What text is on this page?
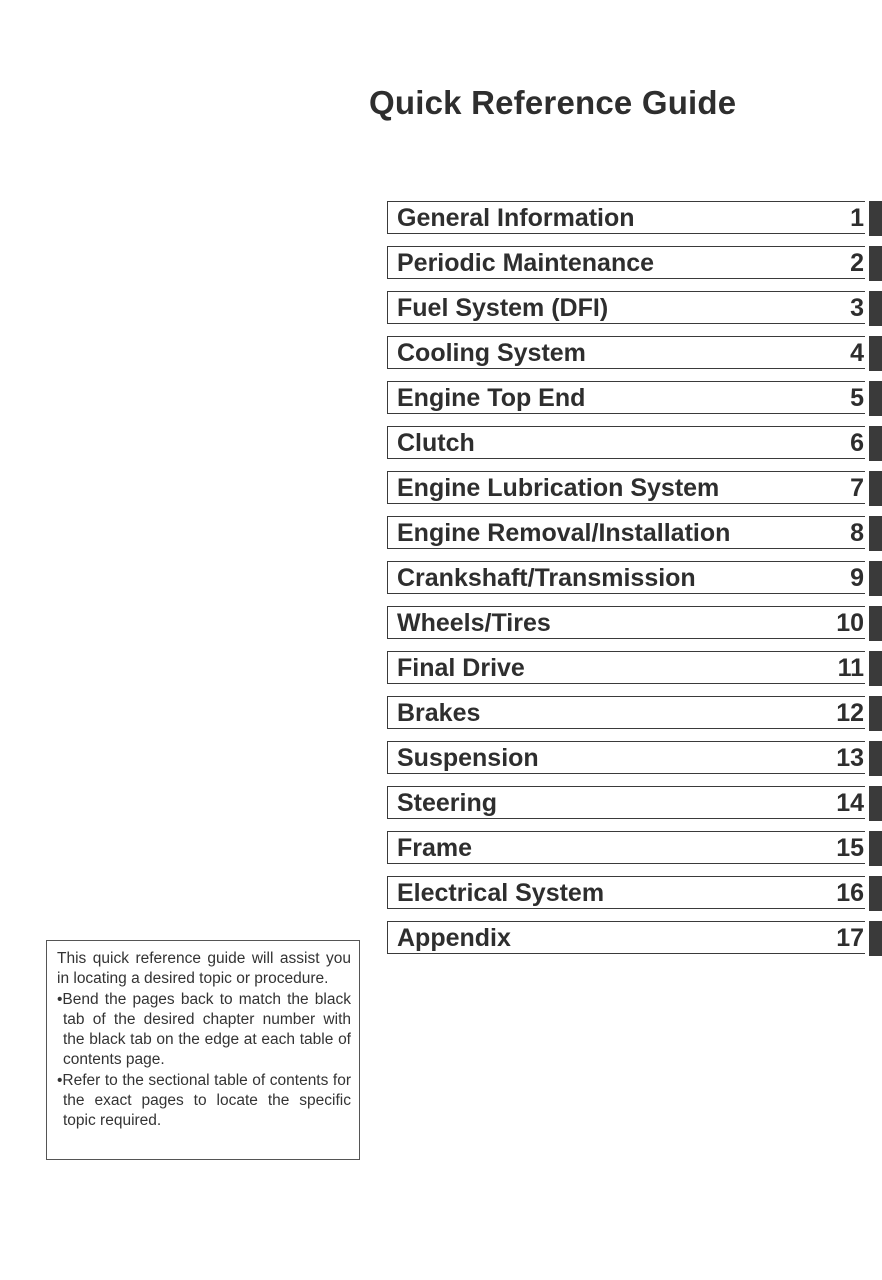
Quick Reference Guide
General Information	1
Periodic Maintenance	2
Fuel System (DFI)	3
Cooling System	4
Engine Top End	5
Clutch	6
Engine Lubrication System	7
Engine Removal/Installation	8
Crankshaft/Transmission	9
Wheels/Tires	10
Final Drive	11
Brakes	12
Suspension	13
Steering	14
Frame	15
Electrical System	16
Appendix	17

This quick reference guide will assist you in locating a desired topic or procedure.

•Bend the pages back to match the black tab of the desired chapter number with the black tab on the edge at each table of contents page.

•Refer to the sectional table of contents for the exact pages to locate the specific topic required.
